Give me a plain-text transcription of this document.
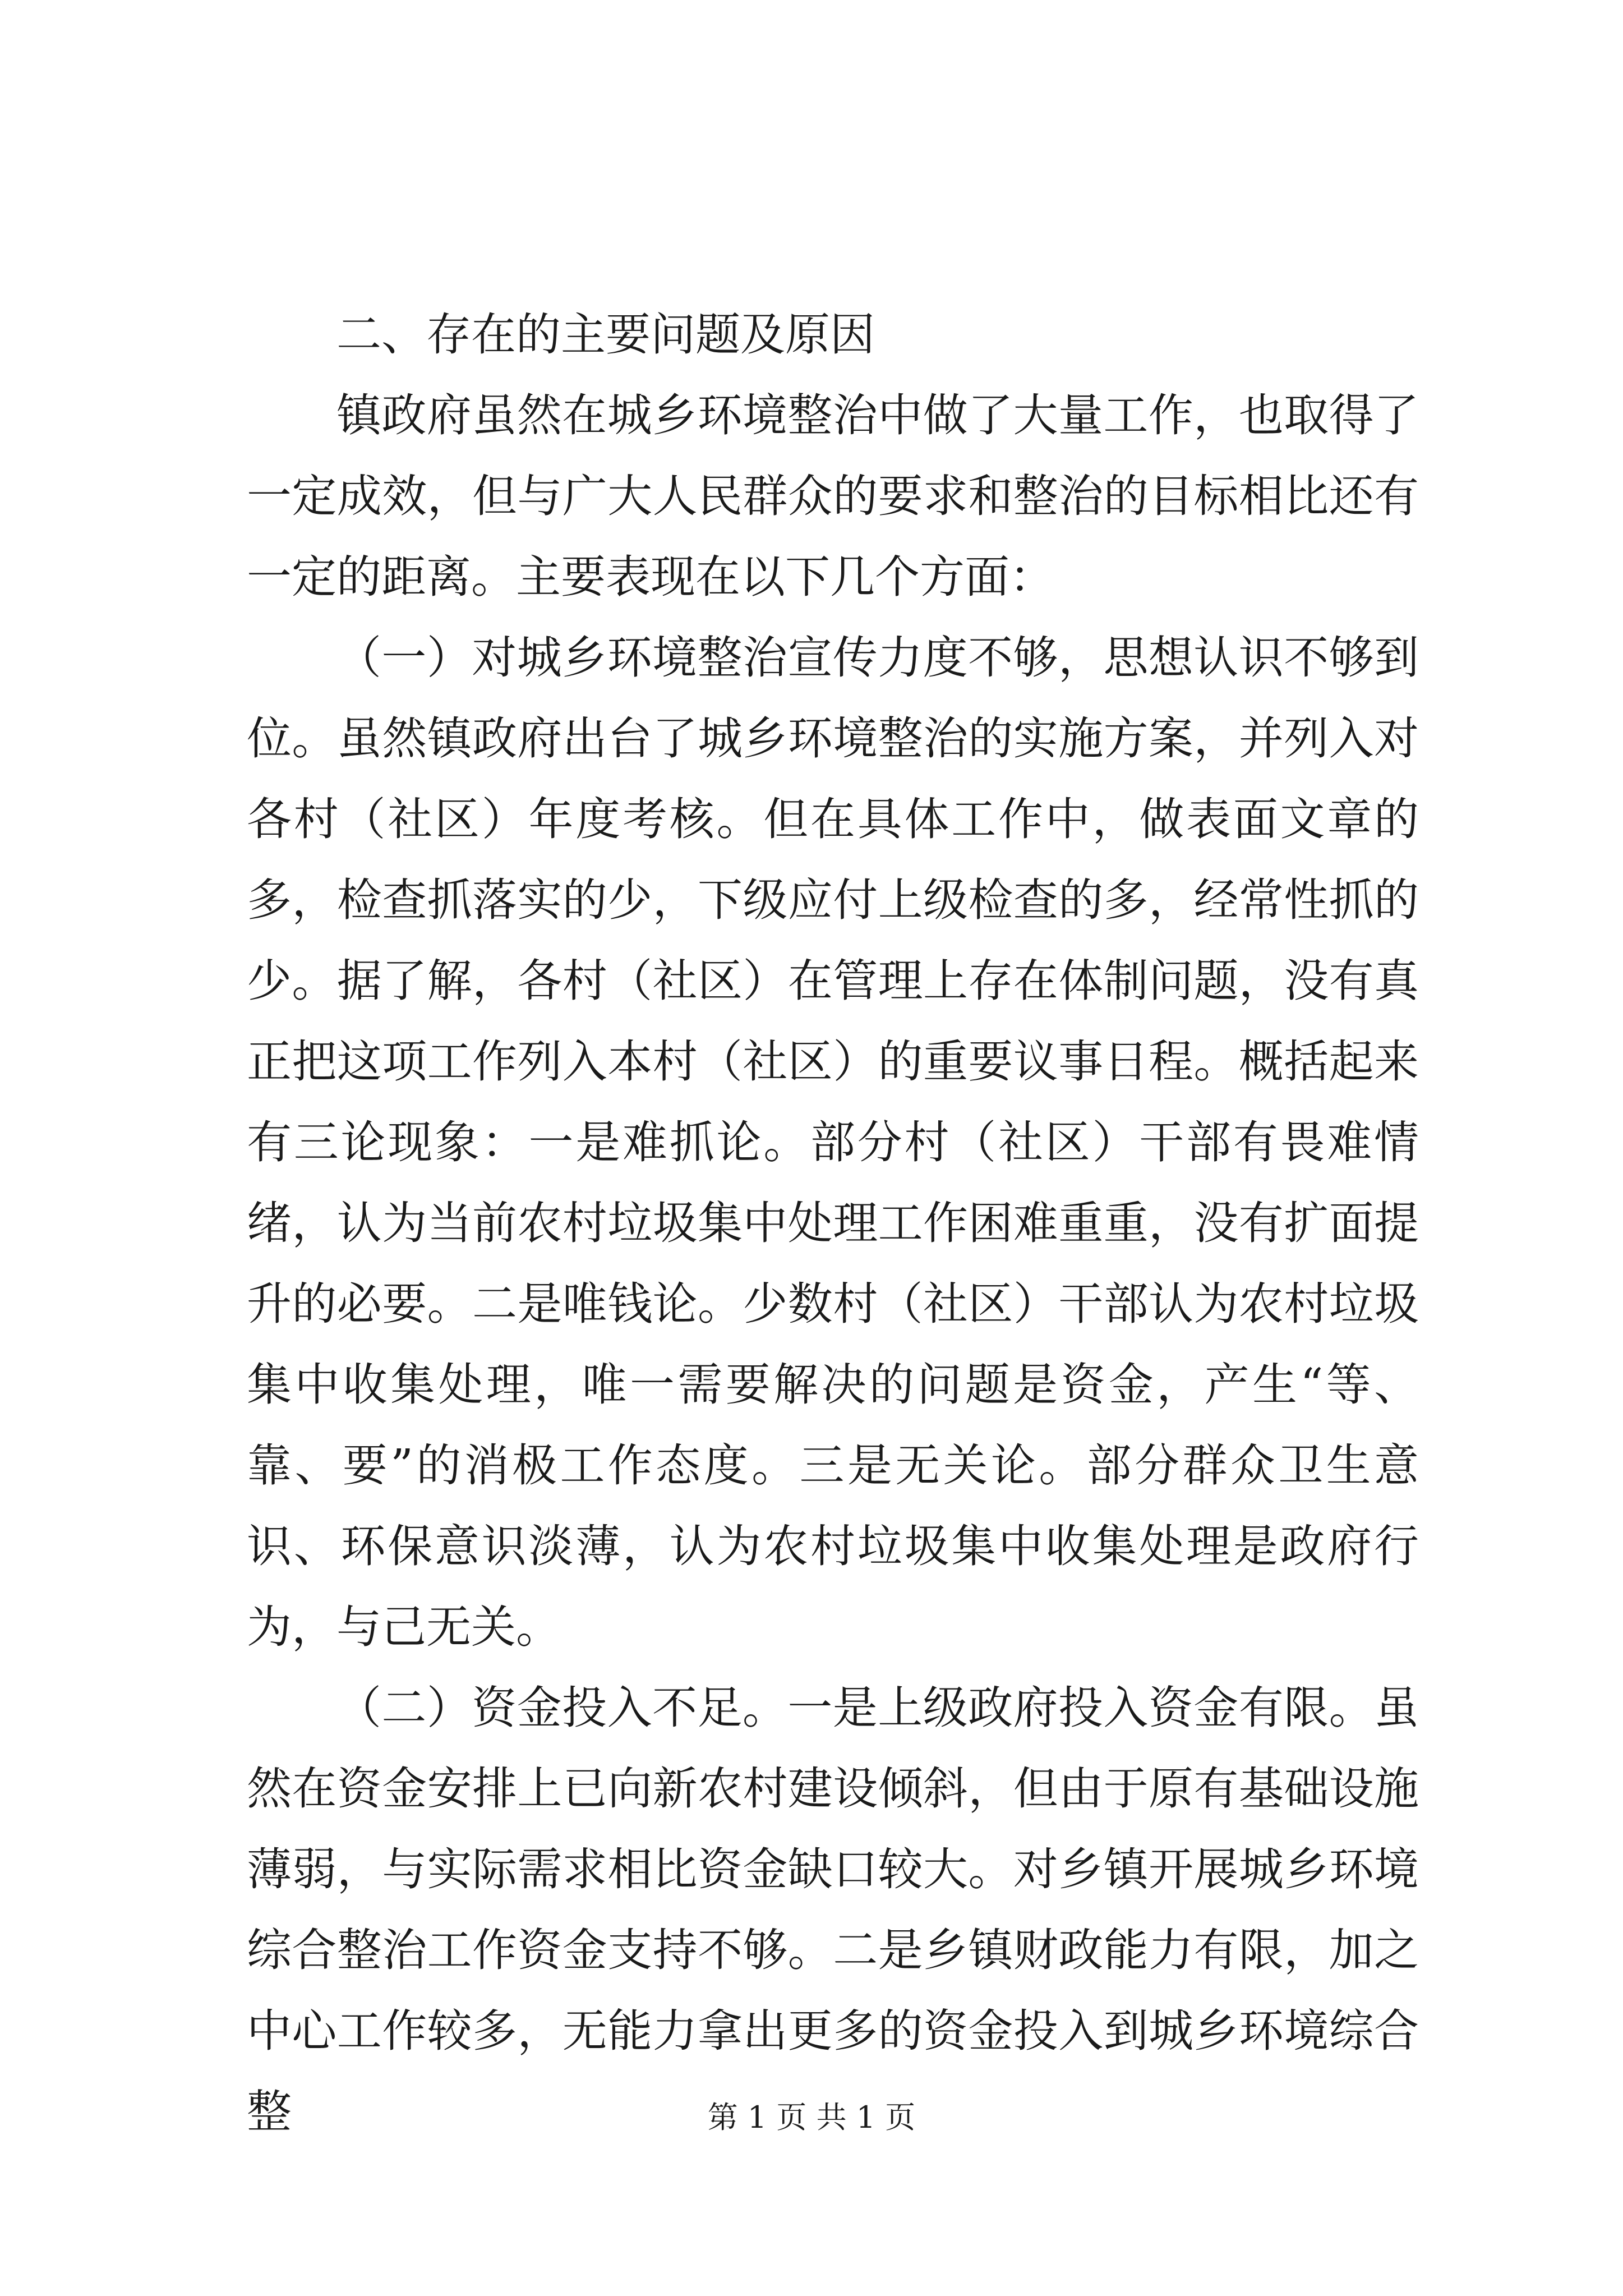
二、存在的主要问题及原因

镇政府虽然在城乡环境整治中做了大量工作，也取得了一定成效，但与广大人民群众的要求和整治的目标相比还有一定的距离。主要表现在以下几个方面：

（一）对城乡环境整治宣传力度不够，思想认识不够到位。虽然镇政府出台了城乡环境整治的实施方案，并列入对各村（社区）年度考核。但在具体工作中，做表面文章的多，检查抓落实的少，下级应付上级检查的多，经常性抓的少。据了解，各村（社区）在管理上存在体制问题，没有真正把这项工作列入本村（社区）的重要议事日程。概括起来有三论现象：一是难抓论。部分村（社区）干部有畏难情绪，认为当前农村垃圾集中处理工作困难重重，没有扩面提升的必要。二是唯钱论。少数村（社区）干部认为农村垃圾集中收集处理，唯一需要解决的问题是资金，产生“等、靠、要”的消极工作态度。三是无关论。部分群众卫生意识、环保意识淡薄，认为农村垃圾集中收集处理是政府行为，与己无关。

（二）资金投入不足。一是上级政府投入资金有限。虽然在资金安排上已向新农村建设倾斜，但由于原有基础设施薄弱，与实际需求相比资金缺口较大。对乡镇开展城乡环境综合整治工作资金支持不够。二是乡镇财政能力有限，加之中心工作较多，无能力拿出更多的资金投入到城乡环境综合整	第 1 页 共 1 页
